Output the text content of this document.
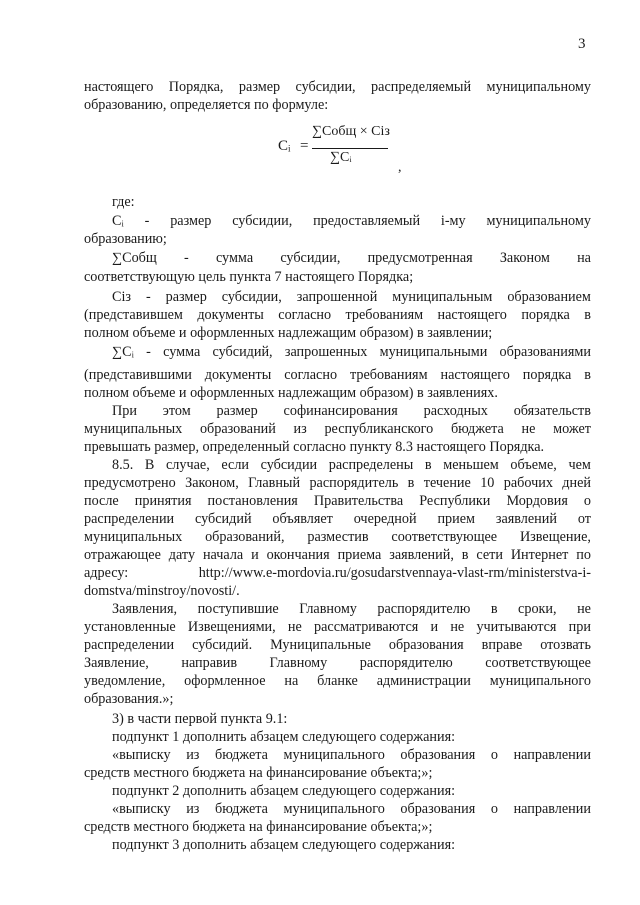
3
Cᵢ =
∑Cобщ × Ciз
∑Cᵢ
,
настоящего Порядка, размер субсидии, распределяемый муниципальному
образованию, определяется по формуле:
где:
Cᵢ - размер субсидии, предоставляемый i-му муниципальному
образованию;
∑Cобщ - сумма субсидии, предусмотренная Законом на
соответствующую цель пункта 7 настоящего Порядка;
Ciз - размер субсидии, запрошенной муниципальным образованием
(представившем документы согласно требованиям настоящего порядка в
полном объеме и оформленных надлежащим образом) в заявлении;
∑Cᵢ - сумма субсидий, запрошенных муниципальными образованиями
(представившими документы согласно требованиям настоящего порядка в
полном объеме и оформленных надлежащим образом) в заявлениях.
При этом размер софинансирования расходных обязательств
муниципальных образований из республиканского бюджета не может
превышать размер, определенный согласно пункту 8.3 настоящего Порядка.
8.5. В случае, если субсидии распределены в меньшем объеме, чем
предусмотрено Законом, Главный распорядитель в течение 10 рабочих дней
после принятия постановления Правительства Республики Мордовия о
распределении субсидий объявляет очередной прием заявлений от
муниципальных образований, разместив соответствующее Извещение,
отражающее дату начала и окончания приема заявлений, в сети Интернет по
адресу:	http://www.e-mordovia.ru/gosudarstvennaya-vlast-rm/ministerstva-i-
domstva/minstroy/novosti/.
Заявления, поступившие Главному распорядителю в сроки, не
установленные Извещениями, не рассматриваются и не учитываются при
распределении субсидий. Муниципальные образования вправе отозвать
Заявление, направив Главному распорядителю соответствующее
уведомление, оформленное на бланке администрации муниципального
образования.»;
3) в части первой пункта 9.1:
подпункт 1 дополнить абзацем следующего содержания:
«выписку из бюджета муниципального образования о направлении
средств местного бюджета на финансирование объекта;»;
подпункт 2 дополнить абзацем следующего содержания:
«выписку из бюджета муниципального образования о направлении
средств местного бюджета на финансирование объекта;»;
подпункт 3 дополнить абзацем следующего содержания:
